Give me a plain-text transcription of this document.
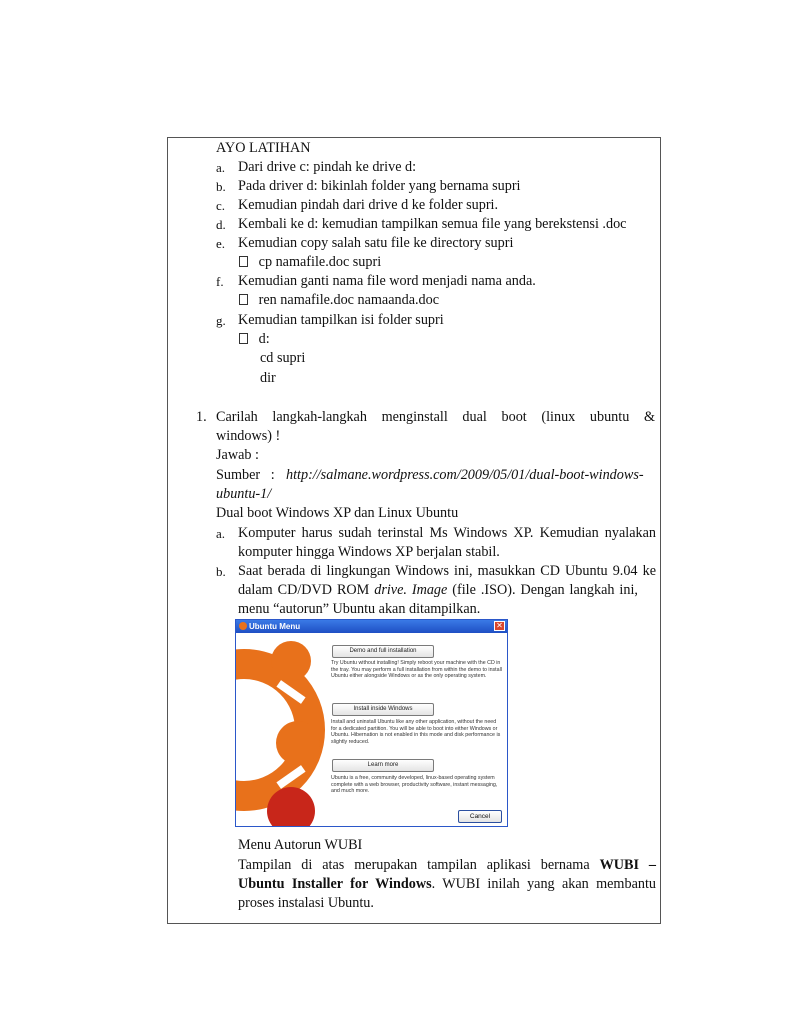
AYO LATIHAN
a. Dari drive c: pindah ke drive d:
b. Pada driver d: bikinlah folder yang bernama supri
c. Kemudian pindah dari drive d ke folder supri.
d. Kembali ke d: kemudian tampilkan semua file yang berekstensi .doc
e. Kemudian copy salah satu file ke directory supri
cp namafile.doc supri
f. Kemudian ganti nama file word menjadi nama anda.
ren namafile.doc namaanda.doc
g. Kemudian tampilkan isi folder supri
d:
cd supri
dir
1. Carilah langkah-langkah menginstall dual boot (linux ubuntu &
windows) !
Jawab :
Sumber   : http://salmane.wordpress.com/2009/05/01/dual-boot-windows-
ubuntu-1/
Dual boot Windows XP dan Linux Ubuntu
a. Komputer harus sudah terinstal Ms Windows XP. Kemudian nyalakan
komputer hingga Windows XP berjalan stabil.
b. Saat berada di lingkungan Windows ini, masukkan CD Ubuntu 9.04 ke
dalam CD/DVD ROM drive. Image (file .ISO). Dengan langkah ini,
menu “autorun” Ubuntu akan ditampilkan.
Ubuntu Menu	✕
Demo and full installation
Try Ubuntu without installing! Simply reboot your machine with the CD in the tray. You may perform a full installation from within the demo to install Ubuntu either alongside Windows or as the only operating system.
Install inside Windows
Install and uninstall Ubuntu like any other application, without the need for a dedicated partition. You will be able to boot into either Windows or Ubuntu. Hibernation is not enabled in this mode and disk performance is slightly reduced.
Learn more
Ubuntu is a free, community developed, linux-based operating system complete with a web browser, productivity software, instant messaging, and much more.
Cancel
Menu Autorun WUBI
Tampilan di atas merupakan tampilan aplikasi bernama WUBI –
Ubuntu Installer for Windows. WUBI inilah yang akan membantu
proses instalasi Ubuntu.
